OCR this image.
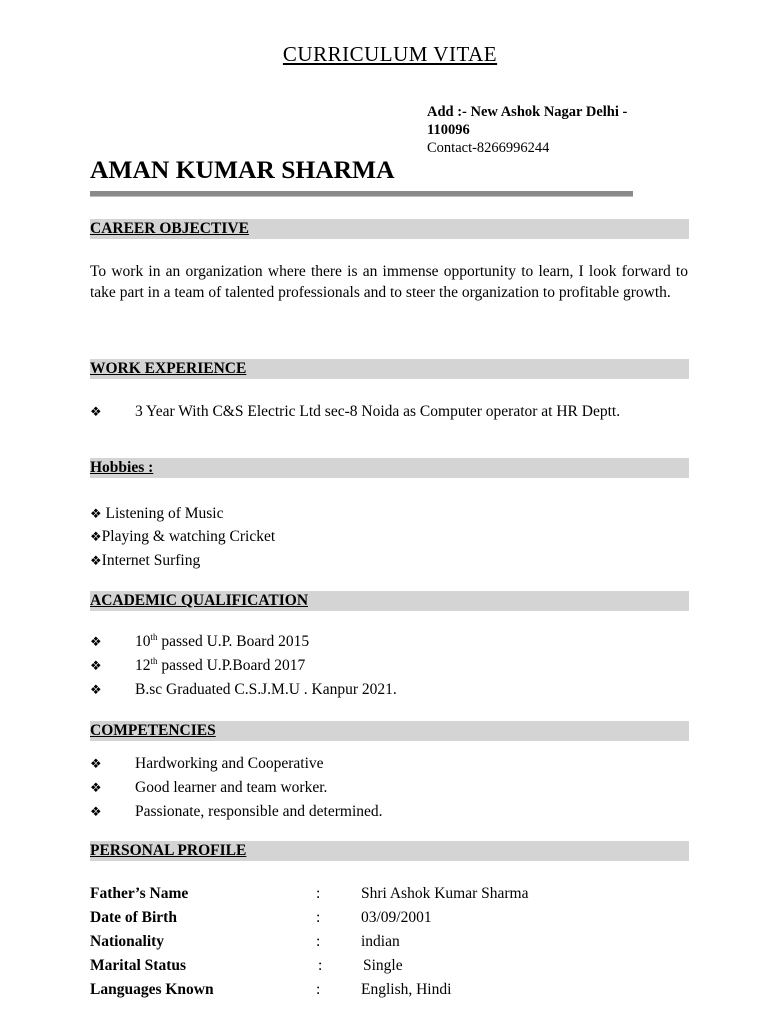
CURRICULUM VITAE
Add :- New Ashok Nagar Delhi -
110096
Contact-8266996244
AMAN KUMAR SHARMA
CAREER OBJECTIVE
To work in an organization where there is an immense opportunity to learn, I look forward to take part in a team of talented professionals and to steer the organization to profitable growth.
WORK EXPERIENCE
❖ 3 Year With C&S Electric Ltd sec-8 Noida as Computer operator at HR Deptt.
Hobbies :
❖ Listening of Music
❖Playing & watching Cricket
❖Internet Surfing
ACADEMIC QUALIFICATION
❖ 10th passed U.P. Board 2015
❖ 12th passed U.P.Board 2017
❖ B.sc Graduated C.S.J.M.U . Kanpur 2021.
COMPETENCIES
❖ Hardworking and Cooperative
❖ Good learner and team worker.
❖ Passionate, responsible and determined.
PERSONAL PROFILE
Father’s Name	:	Shri Ashok Kumar Sharma
Date of Birth	:	03/09/2001
Nationality	:	indian
Marital Status	:	Single
Languages Known	:	English, Hindi
